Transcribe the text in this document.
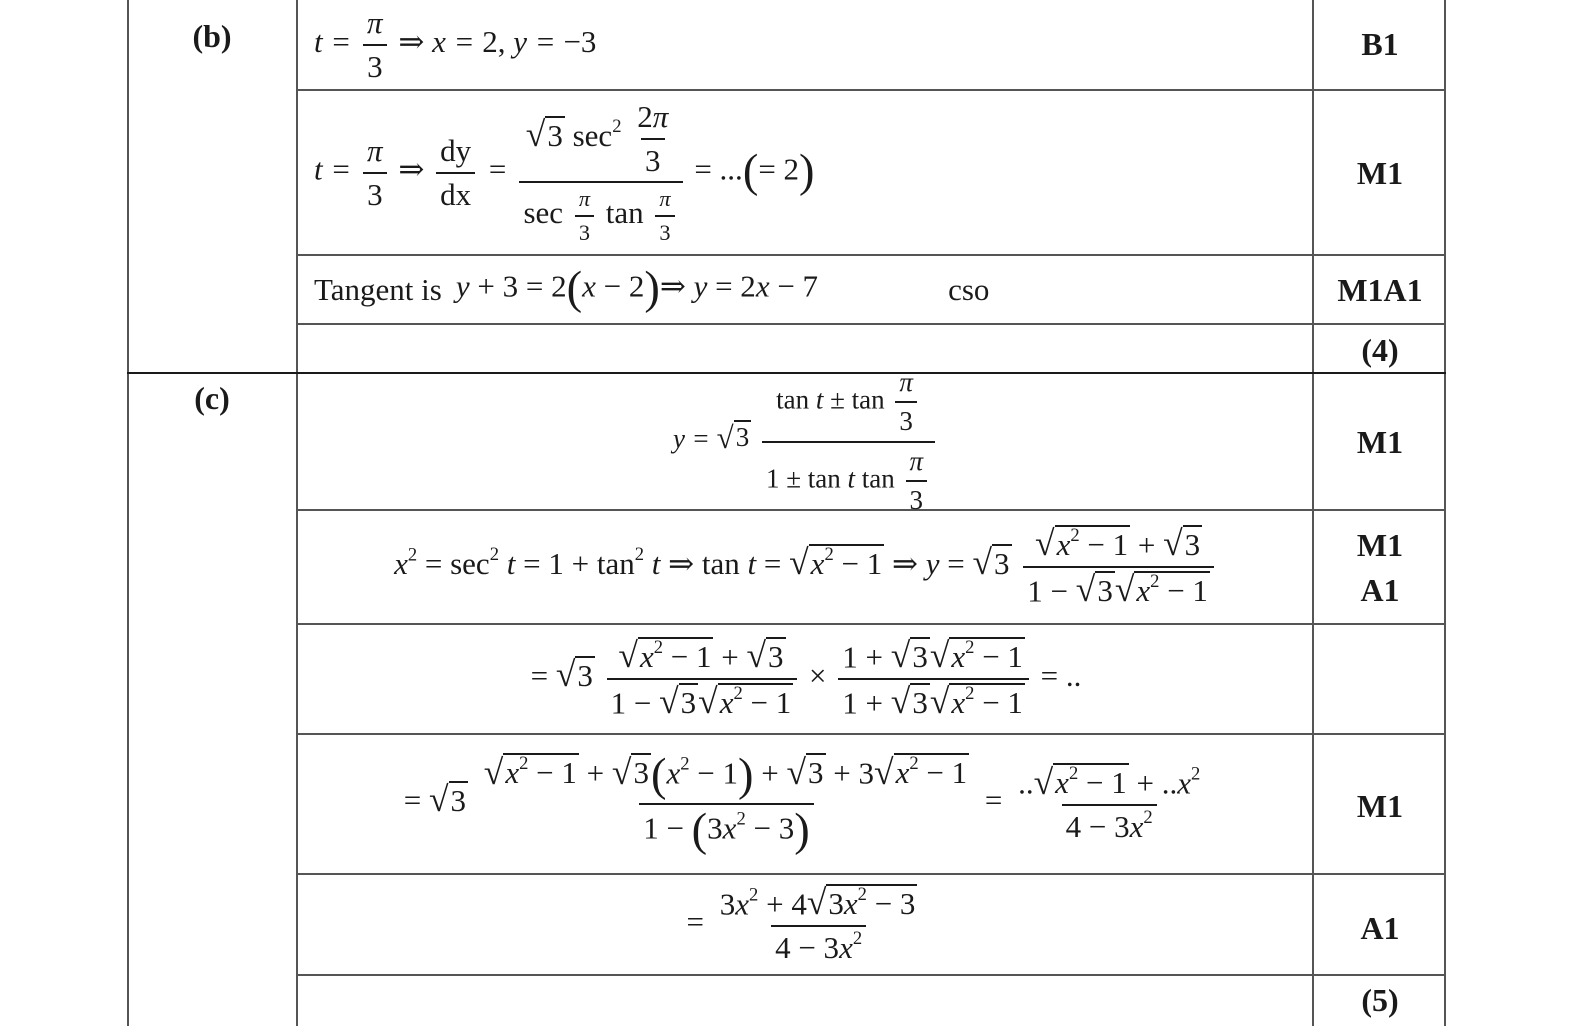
(b)
(c)
B1
M1
M1A1
(4)
M1
M1
A1
M1
A1
(5)
$t = \frac{\pi}{3}$ ⇒ x = 2, y = −3
$t = \frac{\pi}{3}$ ⇒ $\frac{dy}{dx} = \frac{√ 3 \sec^2 \frac{2\pi}{3}}{\sec \frac{\pi}{3} \tan \frac{\pi}{3}}$ = ...(= 2)
Tangent is y + 3 = 2(x − 2)⇒ y = 2x − 7	cso
y = √ 3
$\frac{\tan t \pm \tan \frac{\pi}{3}}{1 \pm \tan t \tan \frac{\pi}{3}}$
$x^2 = \sec^2 t = 1 + \tan^2 t$ ⇒ tan t = √ $x^2 - 1$ ⇒ y = √ 3
$\frac{√ x^2 - 1 + √ 3}{1 - √ 3 √ x^2 - 1}$
= √ 3
$\frac{√ x^2 - 1 + √ 3}{1 - √ 3 √ x^2 - 1} \times \frac{1 + √ 3 √ x^2 - 1}{1 + √ 3 √ x^2 - 1}$ = ..
= √ 3
$\frac{√ x^2 - 1 + √ 3 (x^2 - 1) + √ 3 + 3 √ x^2 - 1}{1 - (3x^2 - 3)} = \frac{.. √ x^2 - 1 + ..x^2}{4 - 3x^2}$
= $\frac{3x^2 + 4 √ 3x^2 - 3}{4 - 3x^2}$
